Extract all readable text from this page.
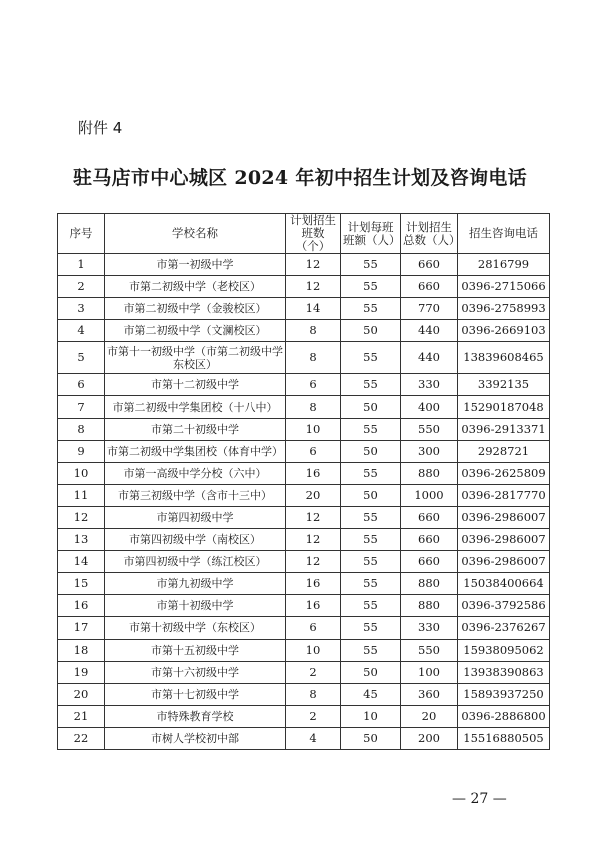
附件 4
驻马店市中心城区 2024 年初中招生计划及咨询电话
序号	学校名称	计划招生班数（个）	计划每班班额（人）	计划招生总数（人）	招生咨询电话
1	市第一初级中学	12	55	660	2816799
2	市第二初级中学（老校区）	12	55	660	0396-2715066
3	市第二初级中学（金骏校区）	14	55	770	0396-2758993
4	市第二初级中学（文澜校区）	8	50	440	0396-2669103
5	市第十一初级中学（市第二初级中学东校区）	8	55	440	13839608465
6	市第十二初级中学	6	55	330	3392135
7	市第二初级中学集团校（十八中）	8	50	400	15290187048
8	市第二十初级中学	10	55	550	0396-2913371
9	市第二初级中学集团校（体育中学）	6	50	300	2928721
10	市第一高级中学分校（六中）	16	55	880	0396-2625809
11	市第三初级中学（含市十三中）	20	50	1000	0396-2817770
12	市第四初级中学	12	55	660	0396-2986007
13	市第四初级中学（南校区）	12	55	660	0396-2986007
14	市第四初级中学（练江校区）	12	55	660	0396-2986007
15	市第九初级中学	16	55	880	15038400664
16	市第十初级中学	16	55	880	0396-3792586
17	市第十初级中学（东校区）	6	55	330	0396-2376267
18	市第十五初级中学	10	55	550	15938095062
19	市第十六初级中学	2	50	100	13938390863
20	市第十七初级中学	8	45	360	15893937250
21	市特殊教育学校	2	10	20	0396-2886800
22	市树人学校初中部	4	50	200	15516880505
— 27 —
